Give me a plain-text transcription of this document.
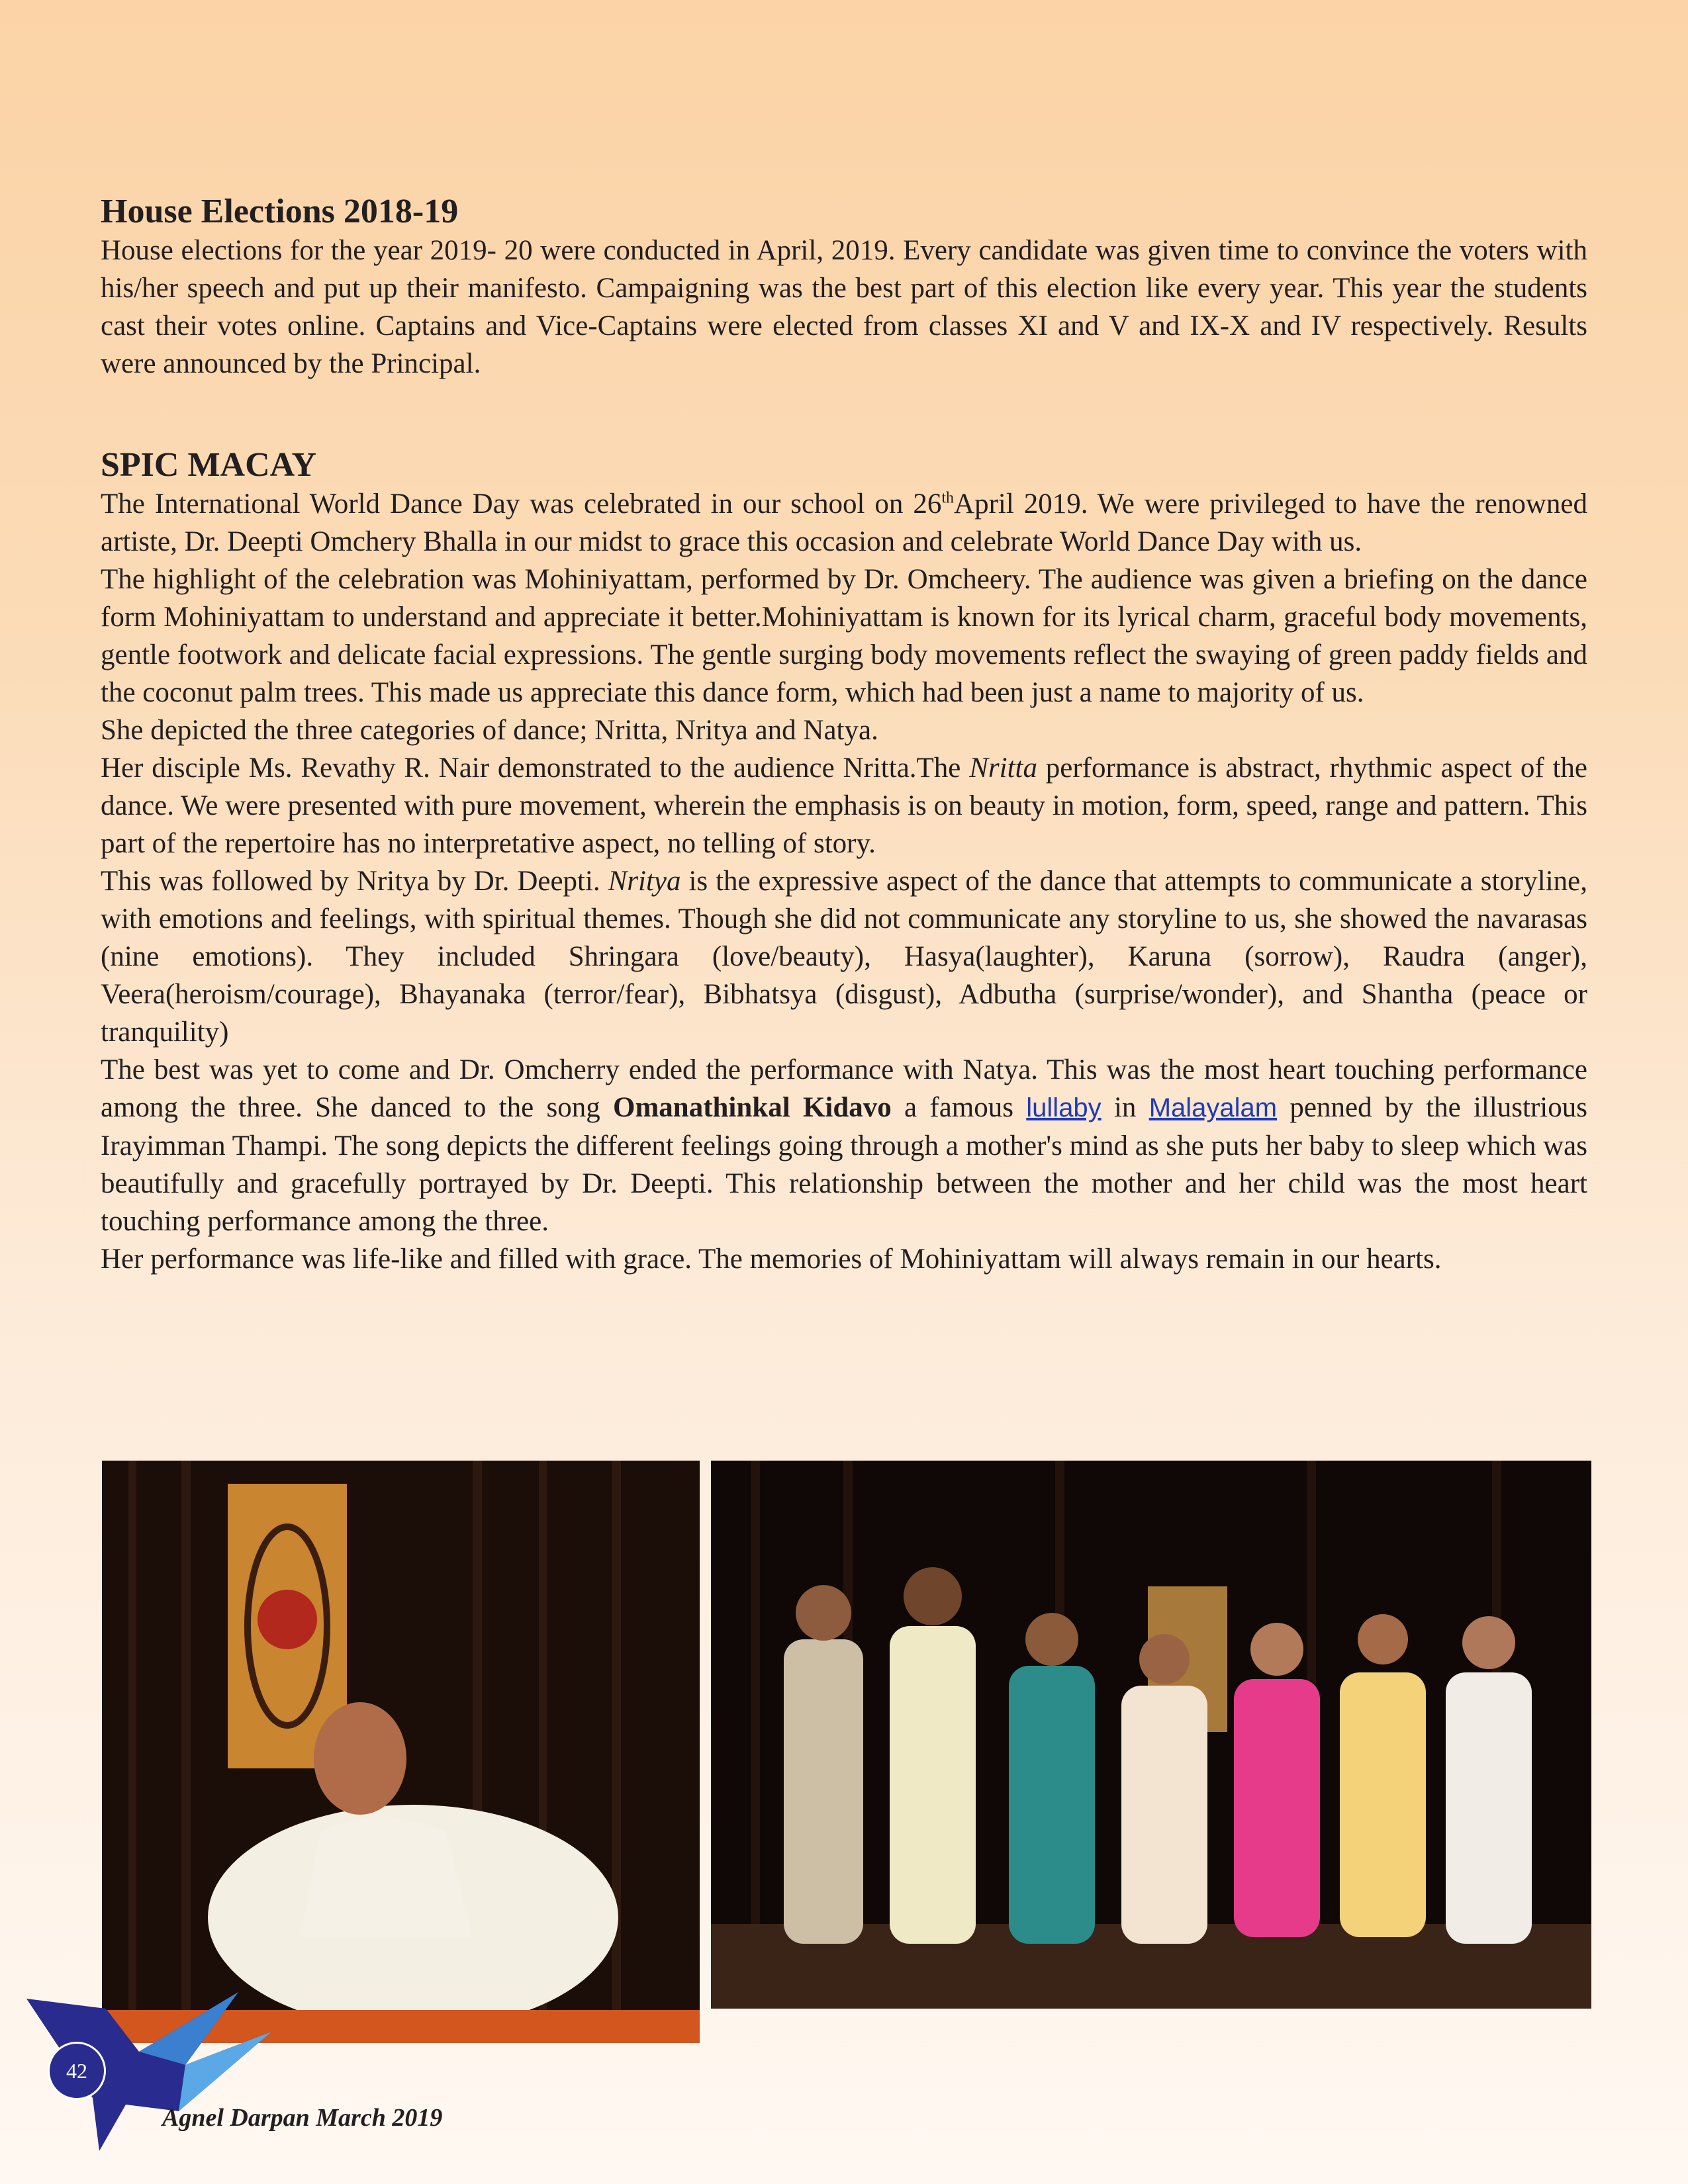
House Elections 2018-19

House elections for the year 2019- 20 were conducted in April, 2019. Every candidate was given time to convince the voters with his/her speech and put up their manifesto. Campaigning was the best part of this election like every year. This year the students cast their votes online. Captains and Vice-Captains were elected from classes XI and V and IX-X and IV respectively. Results were announced by the Principal.

SPIC MACAY

The International World Dance Day was celebrated in our school on 26thApril 2019. We were privileged to have the renowned artiste, Dr. Deepti Omchery Bhalla in our midst to grace this occasion and celebrate World Dance Day with us.

The highlight of the celebration was Mohiniyattam, performed by Dr. Omcheery. The audience was given a briefing on the dance form Mohiniyattam to understand and appreciate it better.Mohiniyattam is known for its lyrical charm, graceful body movements, gentle footwork and delicate facial expressions. The gentle surging body movements reflect the swaying of green paddy fields and the coconut palm trees. This made us appreciate this dance form, which had been just a name to majority of us.

She depicted the three categories of dance; Nritta, Nritya and Natya.

Her disciple Ms. Revathy R. Nair demonstrated to the audience Nritta.The Nritta performance is abstract, rhythmic aspect of the dance. We were presented with pure movement, wherein the emphasis is on beauty in motion, form, speed, range and pattern. This part of the repertoire has no interpretative aspect, no telling of story.

This was followed by Nritya by Dr. Deepti. Nritya is the expressive aspect of the dance that attempts to communicate a storyline, with emotions and feelings, with spiritual themes. Though she did not communicate any storyline to us, she showed the navarasas (nine emotions). They included Shringara (love/beauty), Hasya(laughter), Karuna (sorrow), Raudra (anger), Veera(heroism/courage), Bhayanaka (terror/fear), Bibhatsya (disgust), Adbutha (surprise/wonder), and Shantha (peace or tranquility)

The best was yet to come and Dr. Omcherry ended the performance with Natya. This was the most heart touching performance among the three. She danced to the song Omanathinkal Kidavo a famous lullaby in Malayalam penned by the illustrious Irayimman Thampi. The song depicts the different feelings going through a mother's mind as she puts her baby to sleep which was beautifully and gracefully portrayed by Dr. Deepti. This relationship between the mother and her child was the most heart touching performance among the three.

Her performance was life-like and filled with grace. The memories of Mohiniyattam will always remain in our hearts.

42
Agnel Darpan March 2019
